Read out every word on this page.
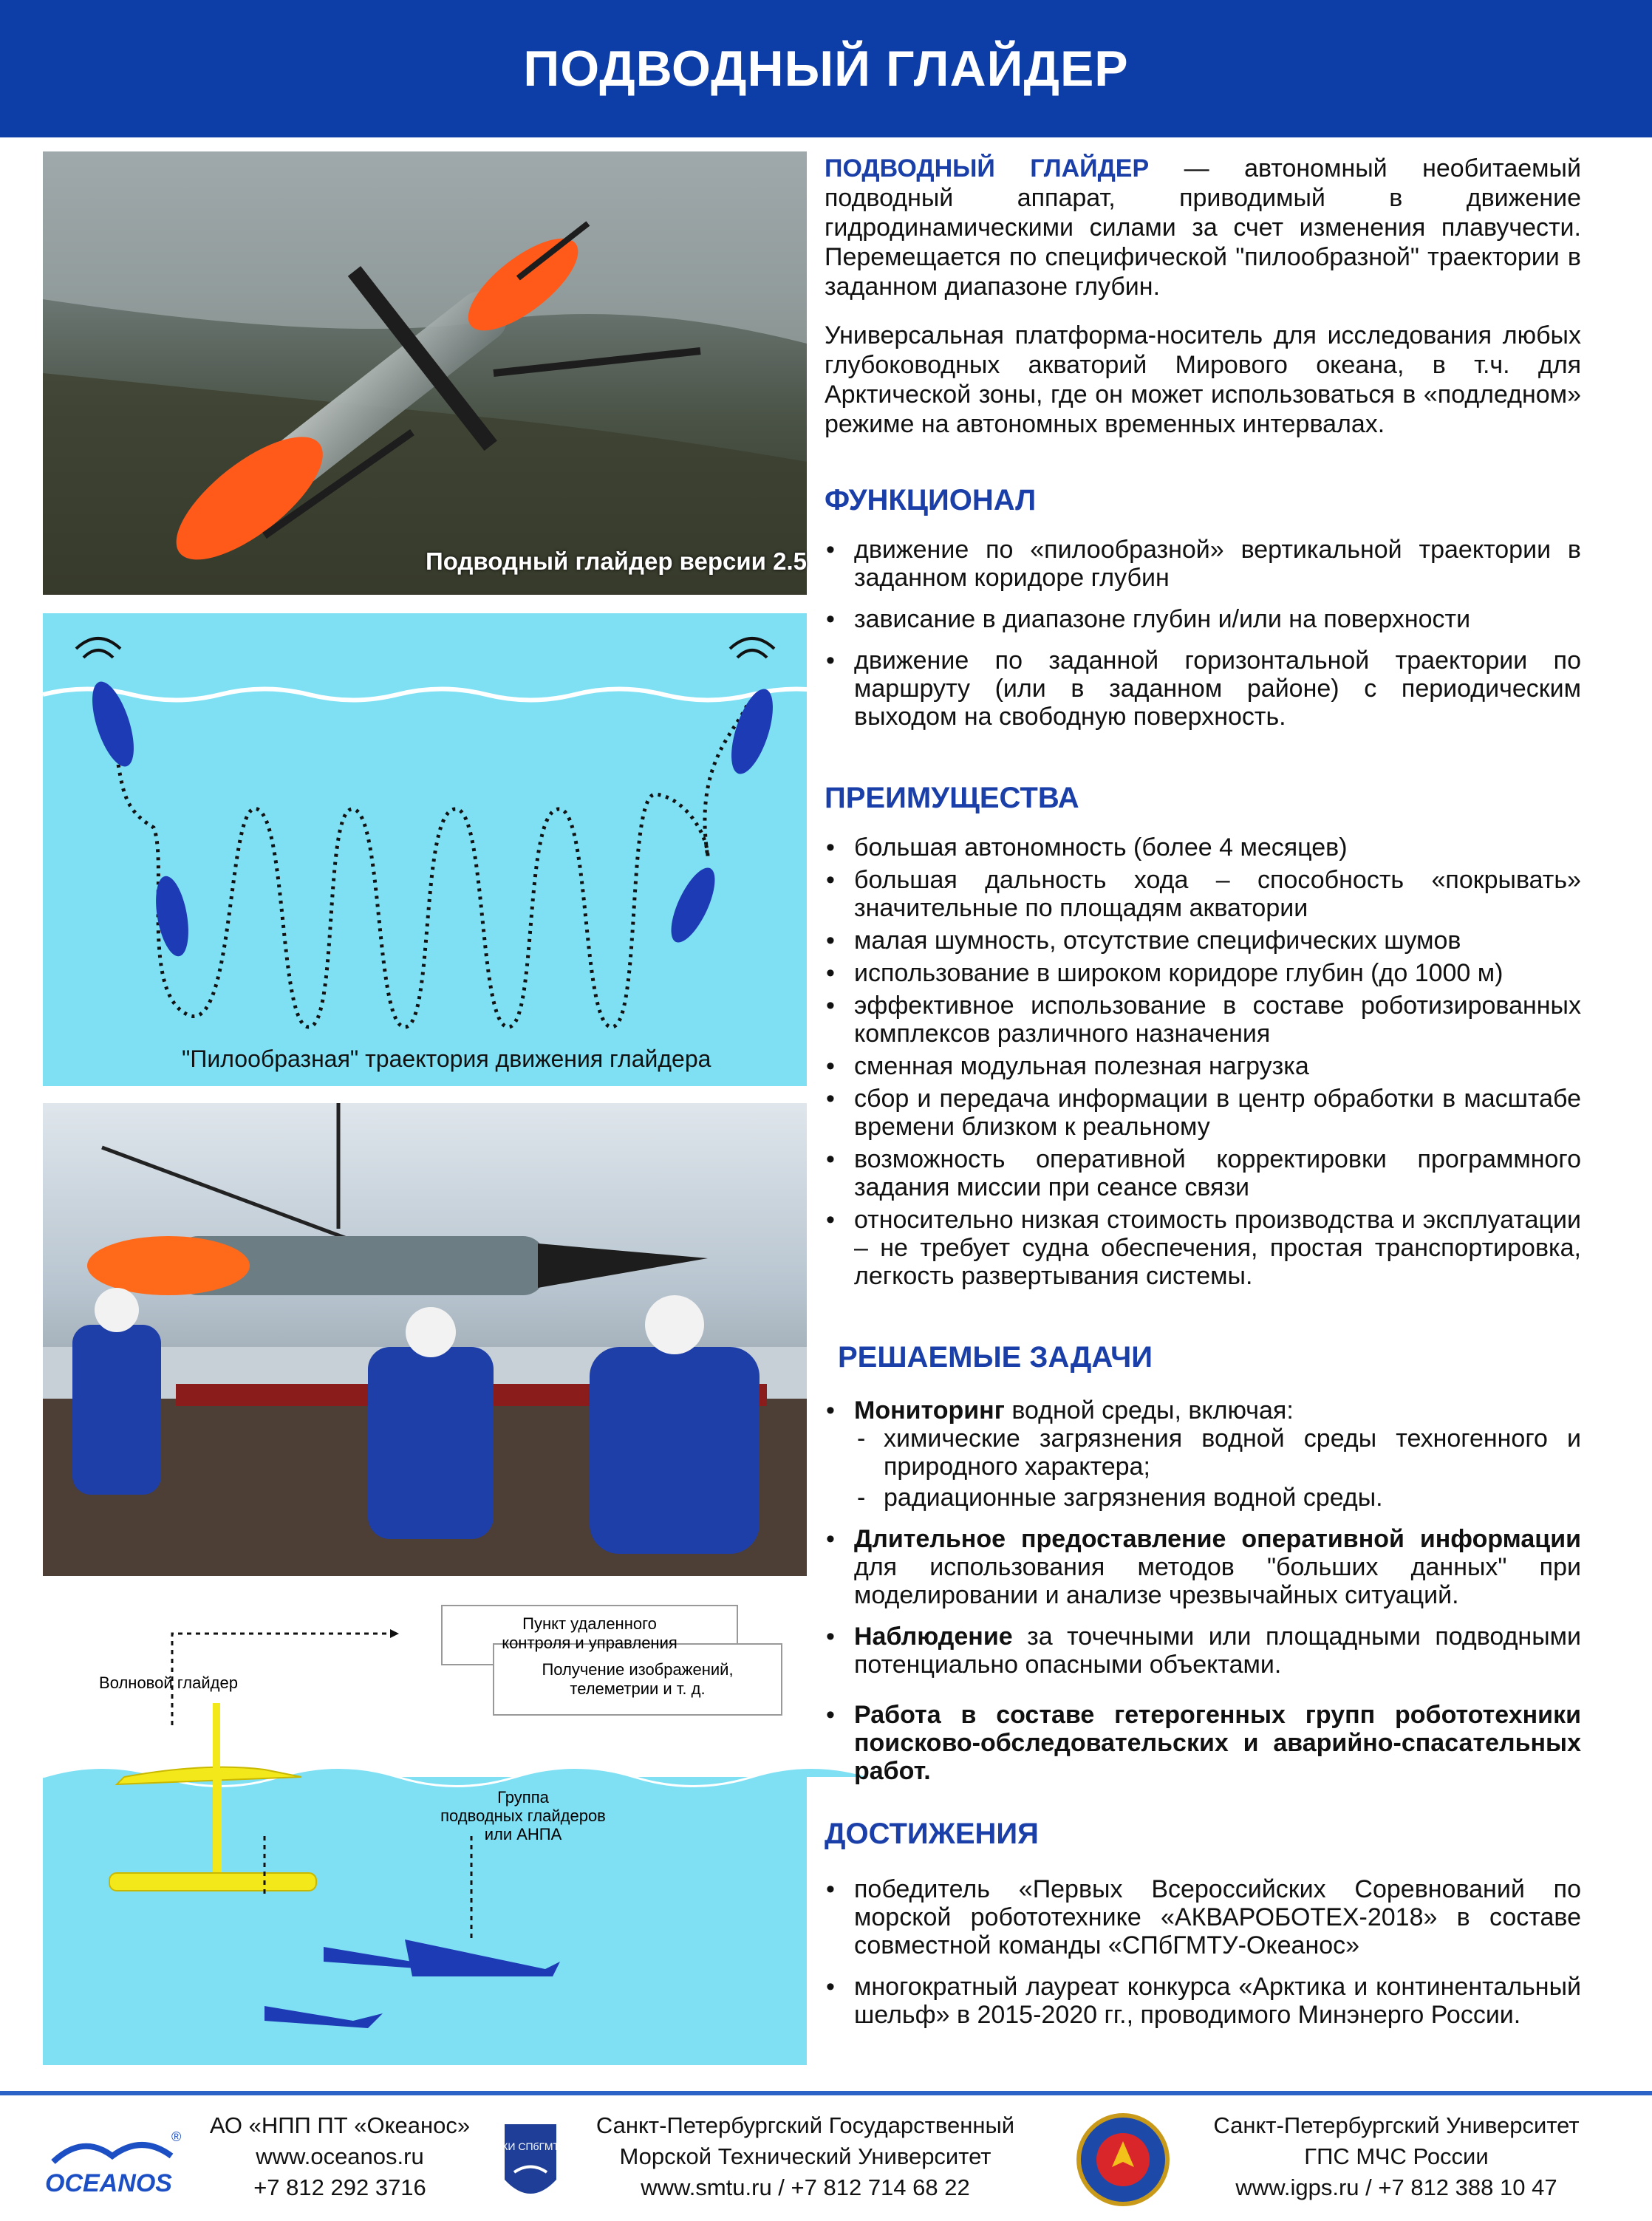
ПОДВОДНЫЙ ГЛАЙДЕР
Подводный глайдер версии 2.5
"Пилообразная" траектория движения глайдера
Пункт удаленного
контроля и управления
Получение изображений,
телеметрии и т. д.
Волновой глайдер
Группа
подводных глайдеров
или АНПА

ПОДВОДНЫЙ ГЛАЙДЕР — автономный необитаемый подводный аппарат, приводимый в движение гидродинамическими силами за счет изменения плавучести. Перемещается по специфической "пилообразной" траектории в заданном диапазоне глубин.

Универсальная платформа-носитель для исследования любых глубоководных акваторий Мирового океана, в т.ч. для Арктической зоны, где он может использоваться в «подледном» режиме на автономных временных интервалах.

ФУНКЦИОНАЛ
• движение по «пилообразной» вертикальной траектории в заданном коридоре глубин
• зависание в диапазоне глубин и/или на поверхности
• движение по заданной горизонтальной траектории по маршруту (или в заданном районе) с периодическим выходом на свободную поверхность.
ПРЕИМУЩЕСТВА
• большая автономность (более 4 месяцев)
• большая дальность хода – способность «покрывать» значительные по площадям акватории
• малая шумность, отсутствие специфических шумов
• использование в широком коридоре глубин (до 1000 м)
• эффективное использование в составе роботизированных комплексов различного назначения
• сменная модульная полезная нагрузка
• сбор и передача информации в центр обработки в масштабе времени близком к реальному
• возможность оперативной корректировки программного задания миссии при сеансе связи
• относительно низкая стоимость производства и эксплуатации – не требует судна обеспечения, простая транспортировка, легкость развертывания системы.
РЕШАЕМЫЕ ЗАДАЧИ
• Мониторинг водной среды, включая:
- химические загрязнения водной среды техногенного и природного характера;
- радиационные загрязнения водной среды.
• Длительное предоставление оперативной информации для использования методов "больших данных" при моделировании и анализе чрезвычайных ситуаций.
• Наблюдение за точечными или площадными подводными потенциально опасными объектами.
• Работа в составе гетерогенных групп робототехники поисково-обследовательских и аварийно-спасательных работ.
ДОСТИЖЕНИЯ
• победитель «Первых Всероссийских Соревнований по морской робототехнике «АКВАРОБОТЕХ-2018» в составе совместной команды «СПбГМТУ-Океанос»
• многократный лауреат конкурса «Арктика и континентальный шельф» в 2015-2020 гг., проводимого Минэнерго России.
OCEANOS
®	АО «НПП ПТ «Океанос»
www.oceanos.ru
+7 812 292 3716
ЛКИ СПбГМТУ
Санкт-Петербургский Государственный
Морской Технический Университет
www.smtu.ru / +7 812 714 68 22
Санкт-Петербургский Университет
ГПС МЧС России
www.igps.ru / +7 812 388 10 47
